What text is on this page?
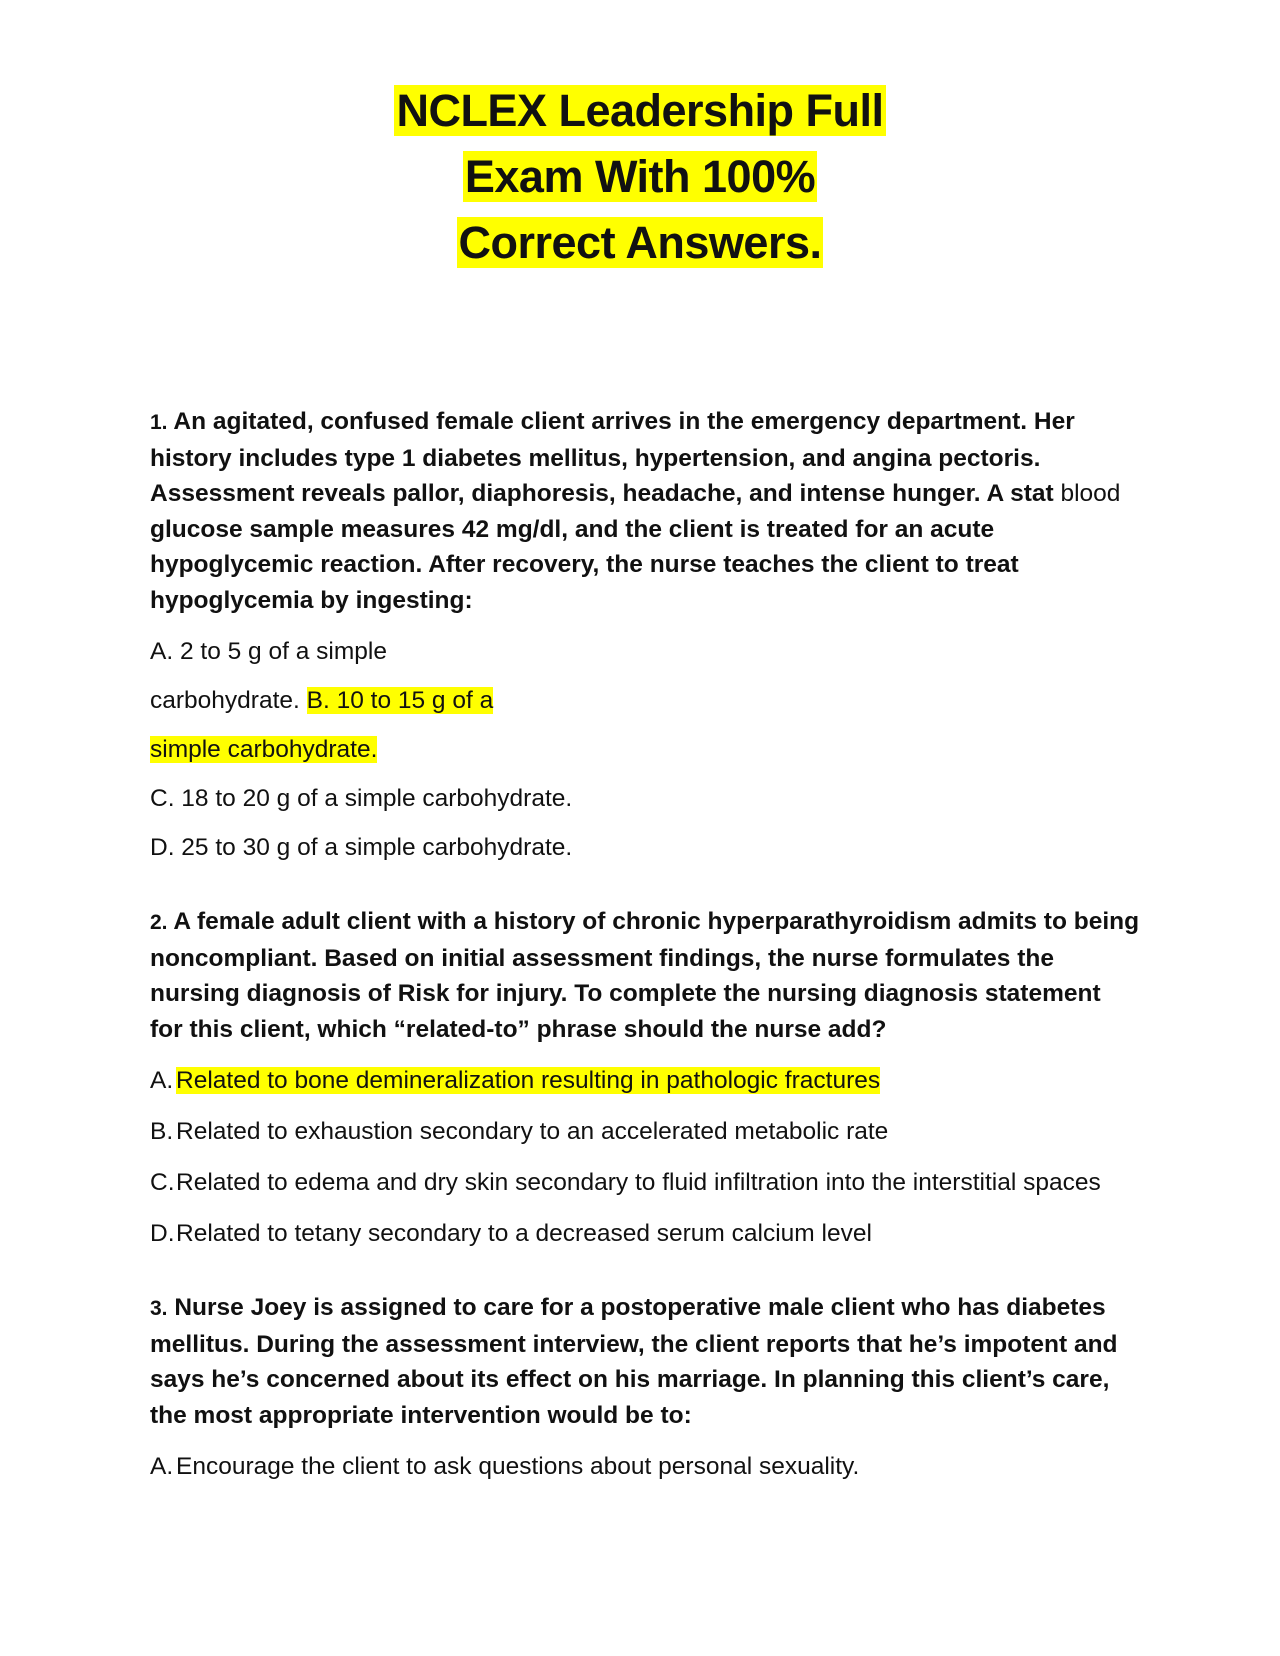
NCLEX Leadership Full
Exam With 100%
Correct Answers.

1. An agitated, confused female client arrives in the emergency department. Her history includes type 1 diabetes mellitus, hypertension, and angina pectoris. Assessment reveals pallor, diaphoresis, headache, and intense hunger. A stat blood glucose sample measures 42 mg/dl, and the client is treated for an acute hypoglycemic reaction. After recovery, the nurse teaches the client to treat hypoglycemia by ingesting:

A. 2 to 5 g of a simple

carbohydrate. B. 10 to 15 g of a

simple carbohydrate.

C. 18 to 20 g of a simple carbohydrate.

D. 25 to 30 g of a simple carbohydrate.

2. A female adult client with a history of chronic hyperparathyroidism admits to being noncompliant. Based on initial assessment findings, the nurse formulates the nursing diagnosis of Risk for injury. To complete the nursing diagnosis statement for this client, which “related-to” phrase should the nurse add?

A. Related to bone demineralization resulting in pathologic fractures
B. Related to exhaustion secondary to an accelerated metabolic rate
C. Related to edema and dry skin secondary to fluid infiltration into the interstitial spaces
D. Related to tetany secondary to a decreased serum calcium level

3. Nurse Joey is assigned to care for a postoperative male client who has diabetes mellitus. During the assessment interview, the client reports that he’s impotent and says he’s concerned about its effect on his marriage. In planning this client’s care, the most appropriate intervention would be to:

A. Encourage the client to ask questions about personal sexuality.
